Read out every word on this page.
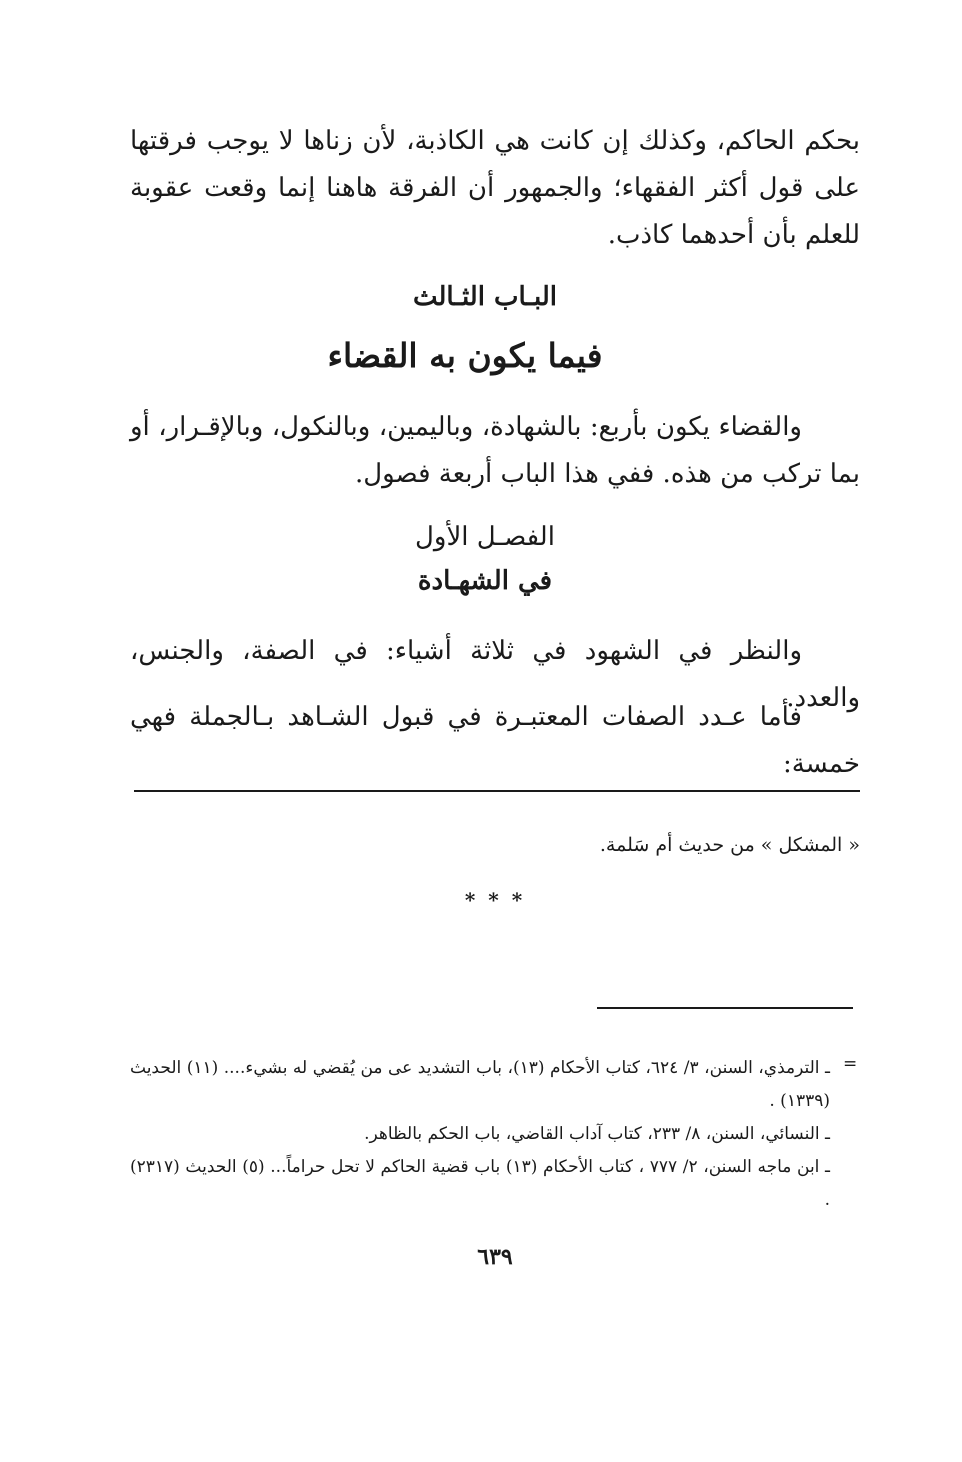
بحكم الحاكم، وكذلك إن كانت هي الكاذبة، لأن زناها لا يوجب فرقتها على قول أكثر الفقهاء؛ والجمهور أن الفرقة هاهنا إنما وقعت عقوبة للعلم بأن أحدهما كاذب.

البـاب الثـالث
فيما يكون به القضاء

والقضاء يكون بأربع: بالشهادة، وباليمين، وبالنكول، وبالإقـرار، أو بما تركب من هذه. ففي هذا الباب أربعة فصول.

الفصـل الأول
في الشهـادة

والنظر في الشهود في ثلاثة أشياء: في الصفة، والجنس، والعدد.

فأما عـدد الصفات المعتبـرة في قبول الشـاهد بـالجملة فهي خمسة:

« المشكل » من حديث أم سَلمة.
* * *
=
ـ الترمذي، السنن، ٣/ ٦٢٤، كتاب الأحكام (١٣)، باب التشديد عى من يُقضي له بشيء.... (١١) الحديث (١٣٣٩) .
ـ النسائي، السنن، ٨/ ٢٣٣، كتاب آداب القاضي، باب الحكم بالظاهر.
ـ ابن ماجه السنن، ٢/ ٧٧٧ ، كتاب الأحكام (١٣) باب قضية الحاكم لا تحل حراماً... (٥) الحديث (٢٣١٧) .
٦٣٩
